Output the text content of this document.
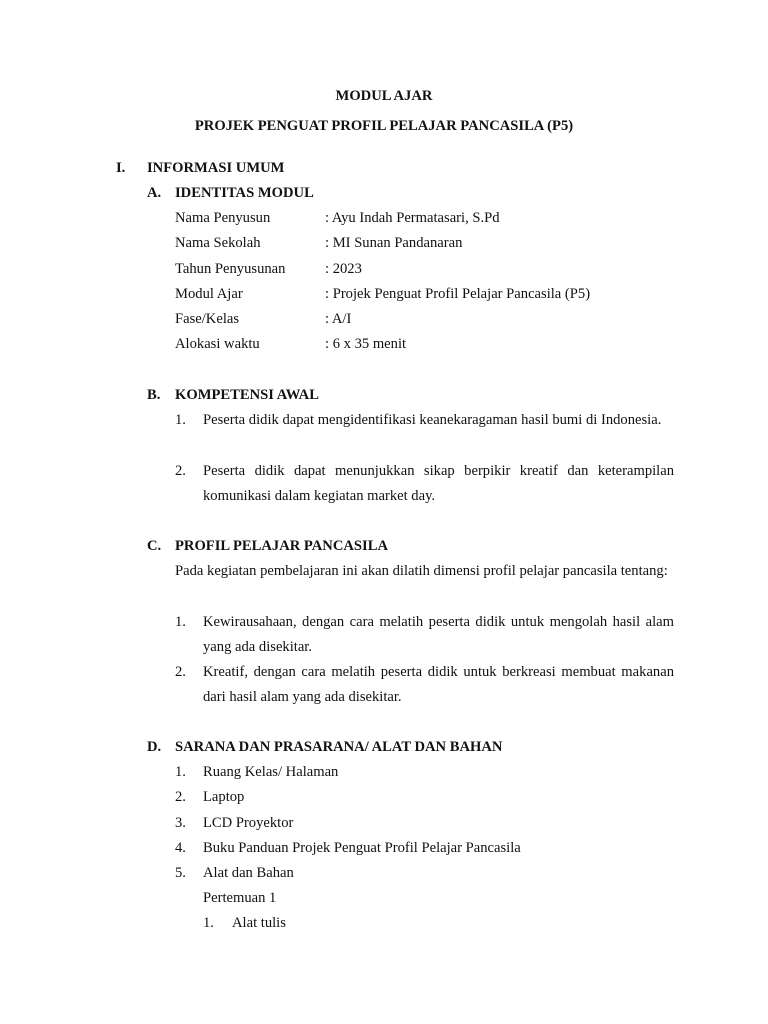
MODUL AJAR
PROJEK PENGUAT PROFIL PELAJAR PANCASILA (P5)
I. INFORMASI UMUM
A. IDENTITAS MODUL
Nama Penyusun	: Ayu Indah Permatasari, S.Pd
Nama Sekolah	: MI Sunan Pandanaran
Tahun Penyusunan	: 2023
Modul Ajar	: Projek Penguat Profil Pelajar Pancasila (P5)
Fase/Kelas	: A/I
Alokasi waktu	: 6 x 35 menit
B. KOMPETENSI AWAL
1. Peserta didik dapat mengidentifikasi keanekaragaman hasil bumi di Indonesia.
2. Peserta didik dapat menunjukkan sikap berpikir kreatif dan keterampilan komunikasi dalam kegiatan market day.
C. PROFIL PELAJAR PANCASILA
Pada kegiatan pembelajaran ini akan dilatih dimensi profil pelajar pancasila tentang:
1. Kewirausahaan, dengan cara melatih peserta didik untuk mengolah hasil alam yang ada disekitar.
2. Kreatif, dengan cara melatih peserta didik untuk berkreasi membuat makanan dari hasil alam yang ada disekitar.
D. SARANA DAN PRASARANA/ ALAT DAN BAHAN
1. Ruang Kelas/ Halaman
2. Laptop
3. LCD Proyektor
4. Buku Panduan Projek Penguat Profil Pelajar Pancasila
5. Alat dan Bahan
Pertemuan 1
1. Alat tulis
